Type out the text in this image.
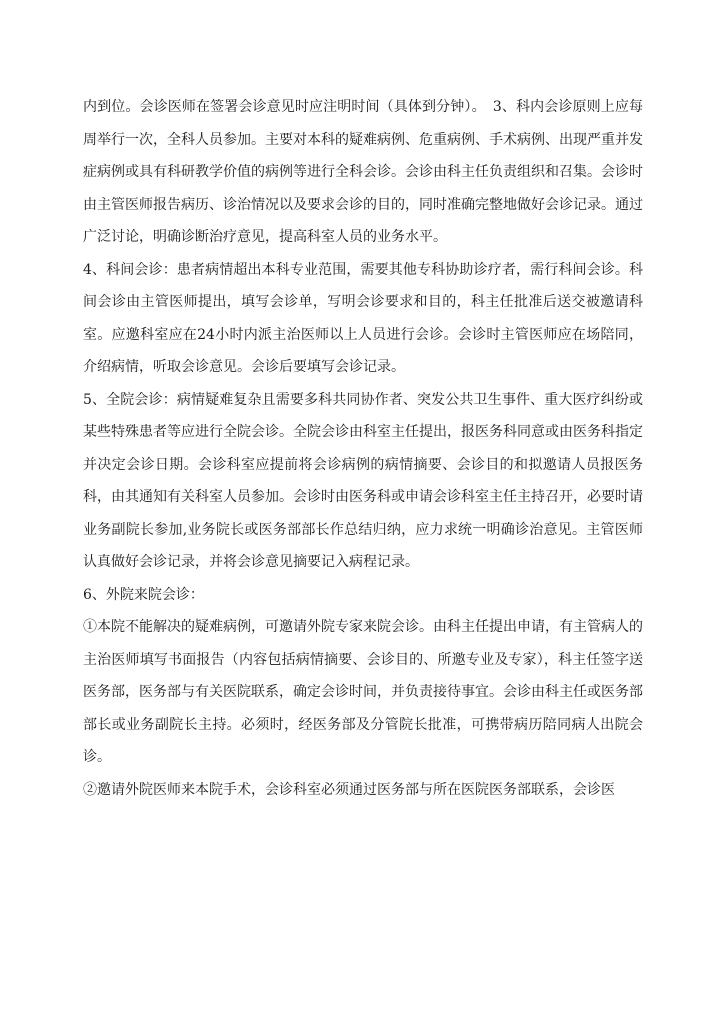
内到位。会诊医师在签署会诊意见时应注明时间（具体到分钟）。　3、科内会诊原则上应每周举行一次，全科人员参加。主要对本科的疑难病例、危重病例、手术病例、出现严重并发症病例或具有科研教学价值的病例等进行全科会诊。会诊由科主任负责组织和召集。会诊时由主管医师报告病历、诊治情况以及要求会诊的目的，同时准确完整地做好会诊记录。通过广泛讨论，明确诊断治疗意见，提高科室人员的业务水平。

4、科间会诊：患者病情超出本科专业范围，需要其他专科协助诊疗者，需行科间会诊。科间会诊由主管医师提出，填写会诊单，写明会诊要求和目的，科主任批准后送交被邀请科室。应邀科室应在24小时内派主治医师以上人员进行会诊。会诊时主管医师应在场陪同，介绍病情，听取会诊意见。会诊后要填写会诊记录。

5、全院会诊：病情疑难复杂且需要多科共同协作者、突发公共卫生事件、重大医疗纠纷或某些特殊患者等应进行全院会诊。全院会诊由科室主任提出，报医务科同意或由医务科指定并决定会诊日期。会诊科室应提前将会诊病例的病情摘要、会诊目的和拟邀请人员报医务科，由其通知有关科室人员参加。会诊时由医务科或申请会诊科室主任主持召开，必要时请业务副院长参加,业务院长或医务部部长作总结归纳，应力求统一明确诊治意见。主管医师认真做好会诊记录，并将会诊意见摘要记入病程记录。

6、外院来院会诊：

①本院不能解决的疑难病例，可邀请外院专家来院会诊。由科主任提出申请，有主管病人的主治医师填写书面报告（内容包括病情摘要、会诊目的、所邀专业及专家），科主任签字送医务部，医务部与有关医院联系，确定会诊时间，并负责接待事宜。会诊由科主任或医务部部长或业务副院长主持。必须时，经医务部及分管院长批准，可携带病历陪同病人出院会诊。

②邀请外院医师来本院手术，会诊科室必须通过医务部与所在医院医务部联系，会诊医
